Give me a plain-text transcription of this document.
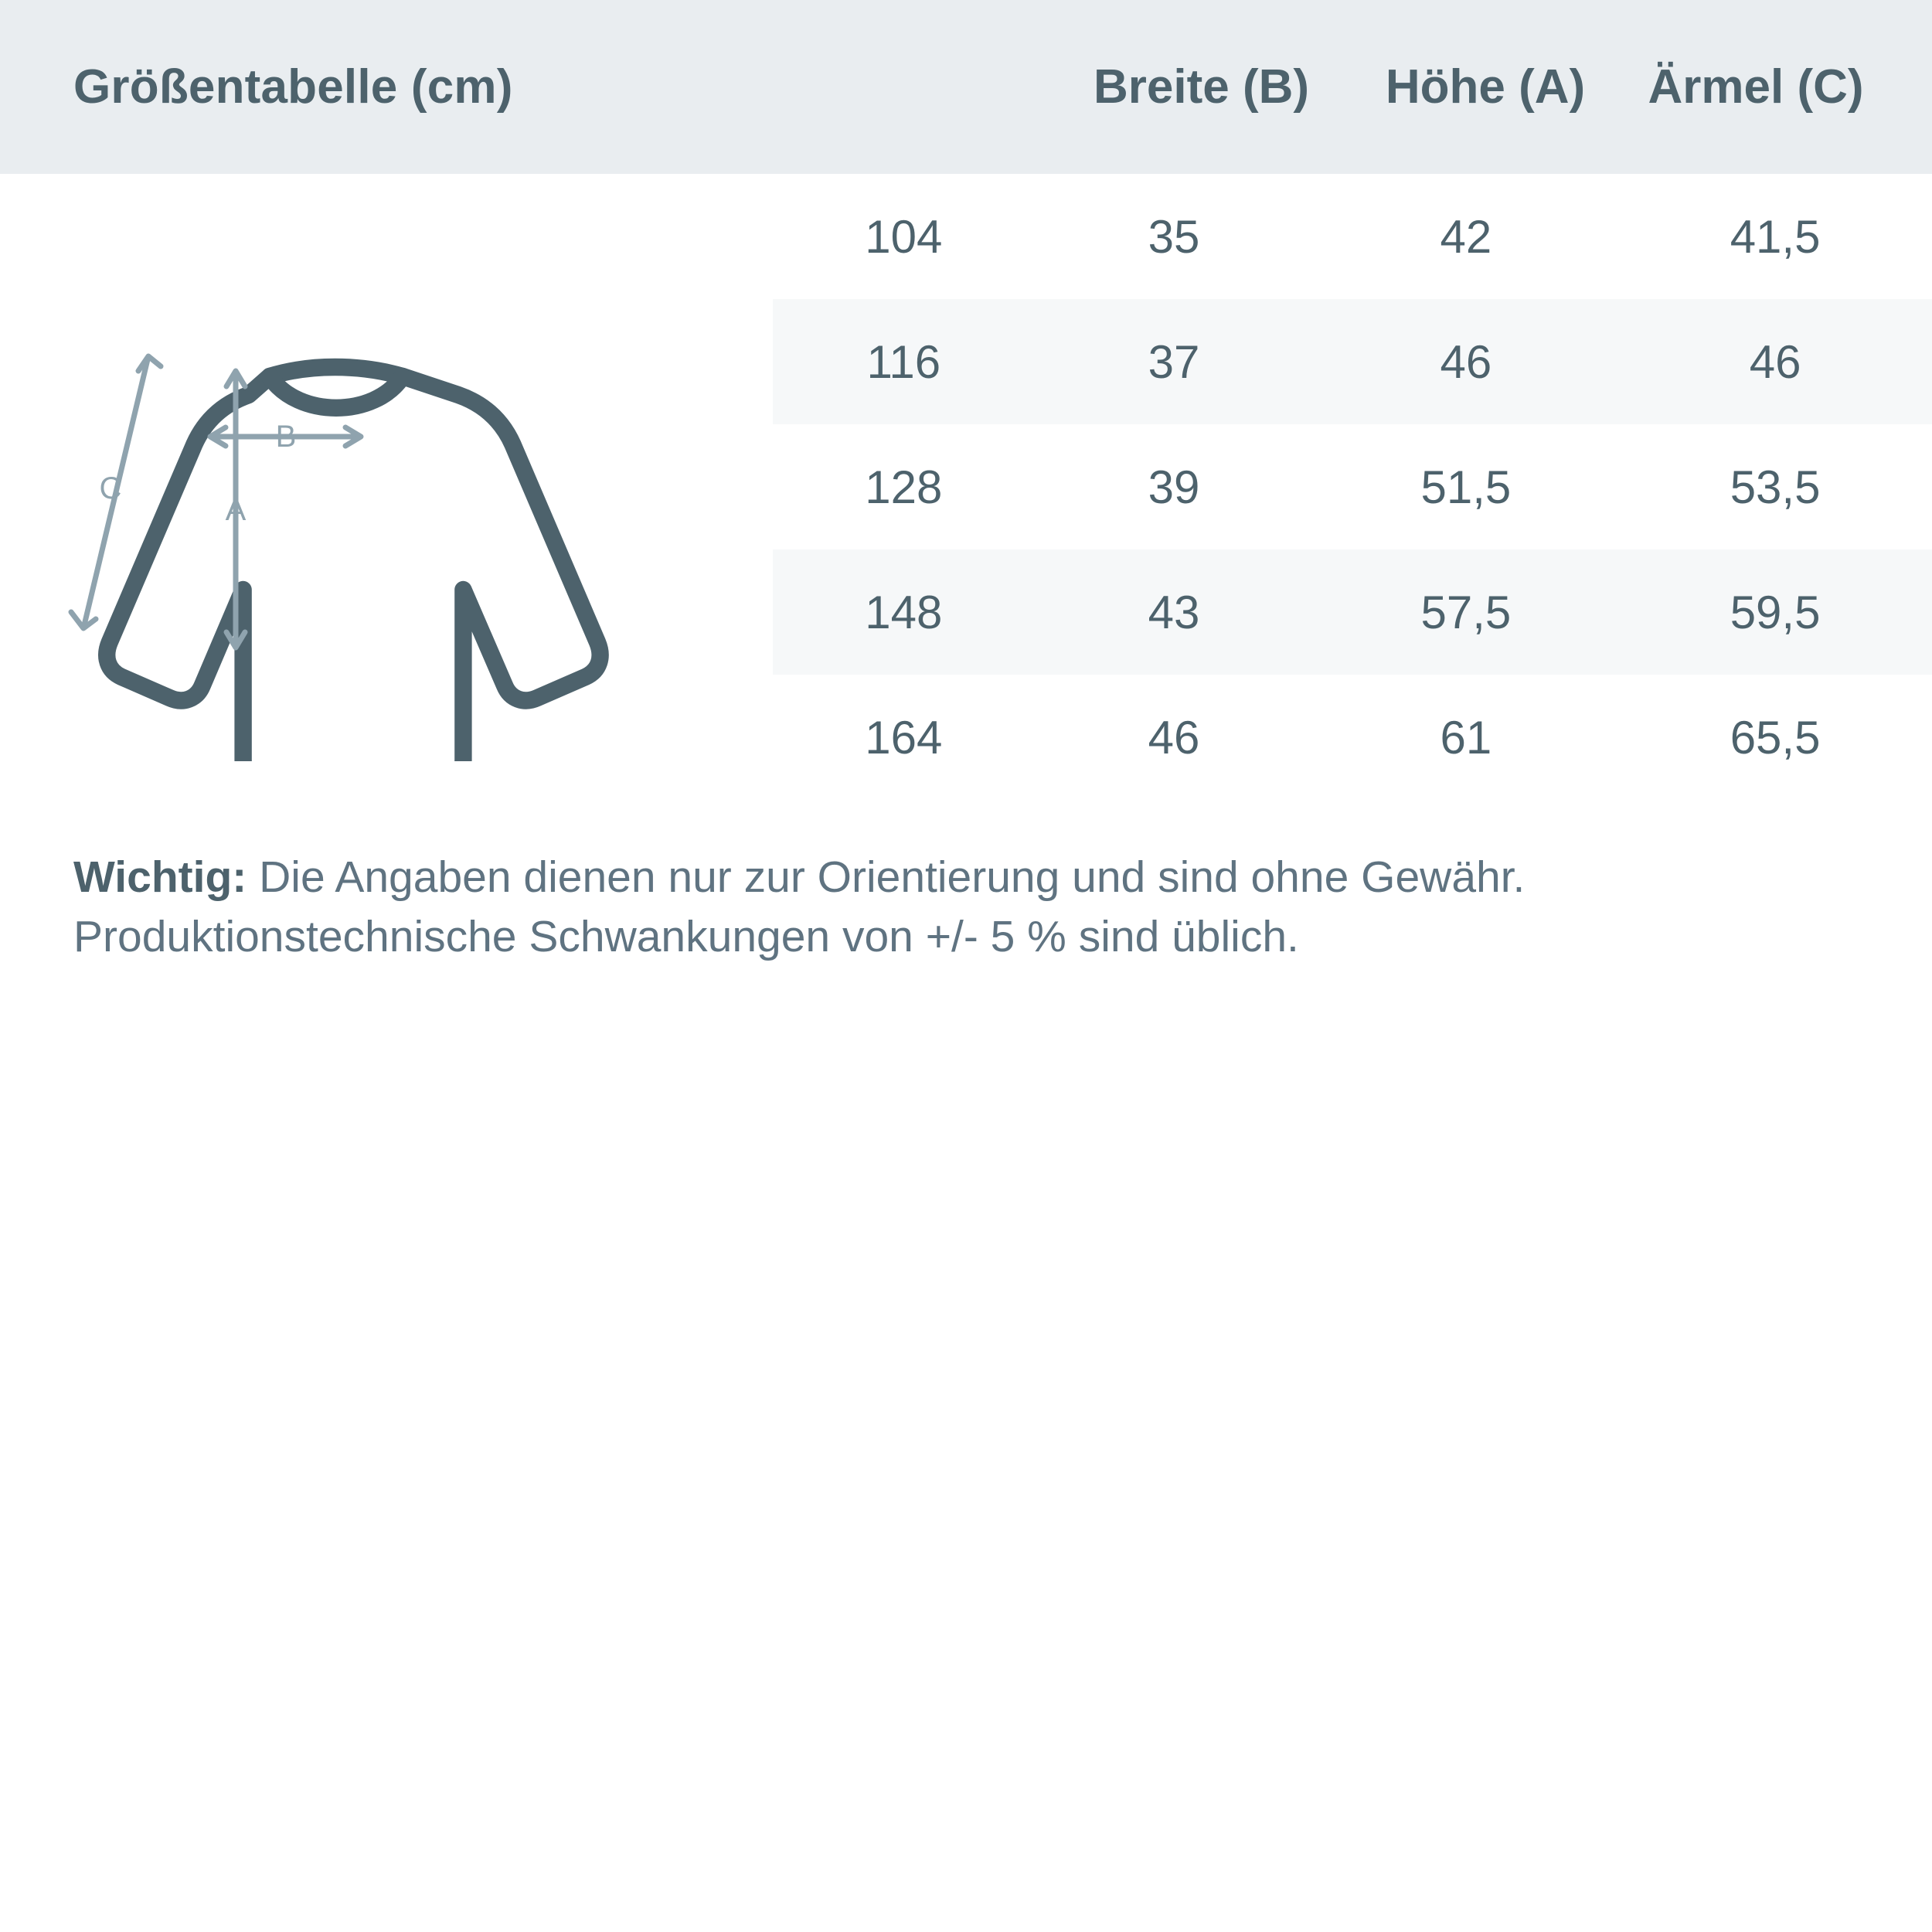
Größentabelle (cm)	Breite (B)	Höhe (A)	Ärmel (C)
B
A
C
104	35	42	41,5
116	37	46	46
128	39	51,5	53,5
148	43	57,5	59,5
164	46	61	65,5
Wichtig: Die Angaben dienen nur zur Orientierung und sind ohne Gewähr. Produktionstechnische Schwankungen von +/- 5 % sind üblich.
